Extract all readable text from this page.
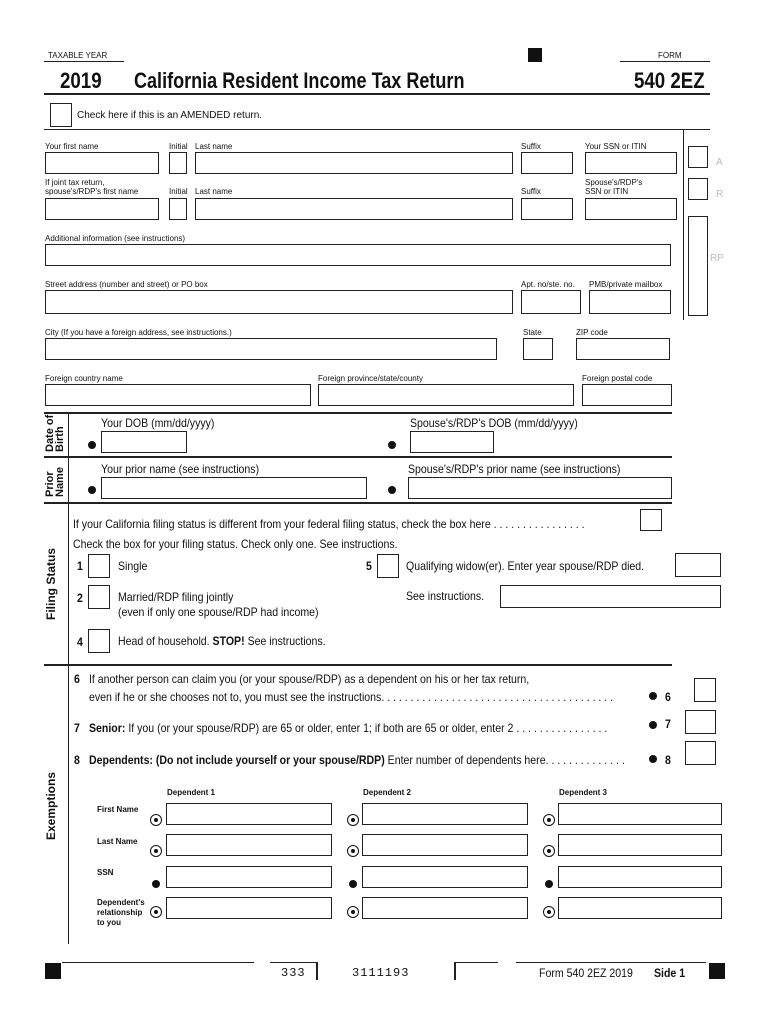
TAXABLE YEAR	FORM
2019 California Resident Income Tax Return	540 2EZ
Check here if this is an AMENDED return.
Your first name	Initial Last name	Suffix	Your SSN or ITIN
If joint tax return,
spouse's/RDP's first name	Initial Last name	Suffix
Spouse's/RDP's
SSN or ITIN
A
R
RP
Additional information (see instructions)
Street address (number and street) or PO box	Apt. no/ste. no. PMB/private mailbox
City (If you have a foreign address, see instructions.)	State	ZIP code
Foreign country name	Foreign province/state/county	Foreign postal code
Date of
Birth
Your DOB (mm/dd/yyyy)	Spouse's/RDP's DOB (mm/dd/yyyy)
Prior
Name	Your prior name (see instructions)	Spouse's/RDP's prior name (see instructions)
Filing Status
If your California filing status is different from your federal filing status, check the box here . . . . . . . . . . . . . . . .
Check the box for your filing status. Check only one. See instructions.
1	Single	5	Qualifying widow(er). Enter year spouse/RDP died.
2	Married/RDP filing jointly
(even if only one spouse/RDP had income)
See instructions.
4	Head of household. STOP! See instructions.
Exemptions
6 If another person can claim you (or your spouse/RDP) as a dependent on his or her tax return,
even if he or she chooses not to, you must see the instructions. . . . . . . . . . . . . . . . . . . . . . . . . . . . . . . . . . . . . . . .	6
7 Senior: If you (or your spouse/RDP) are 65 or older, enter 1; if both are 65 or older, enter 2 . . . . . . . . . . . . . . . .	7
8 Dependents: (Do not include yourself or your spouse/RDP) Enter number of dependents here. . . . . . . . . . . . . .	8
Dependent 1	Dependent 2	Dependent 3
First Name
Last Name
SSN
Dependent's
relationship
to you
333	3111193	Form 540 2EZ 2019 Side 1
